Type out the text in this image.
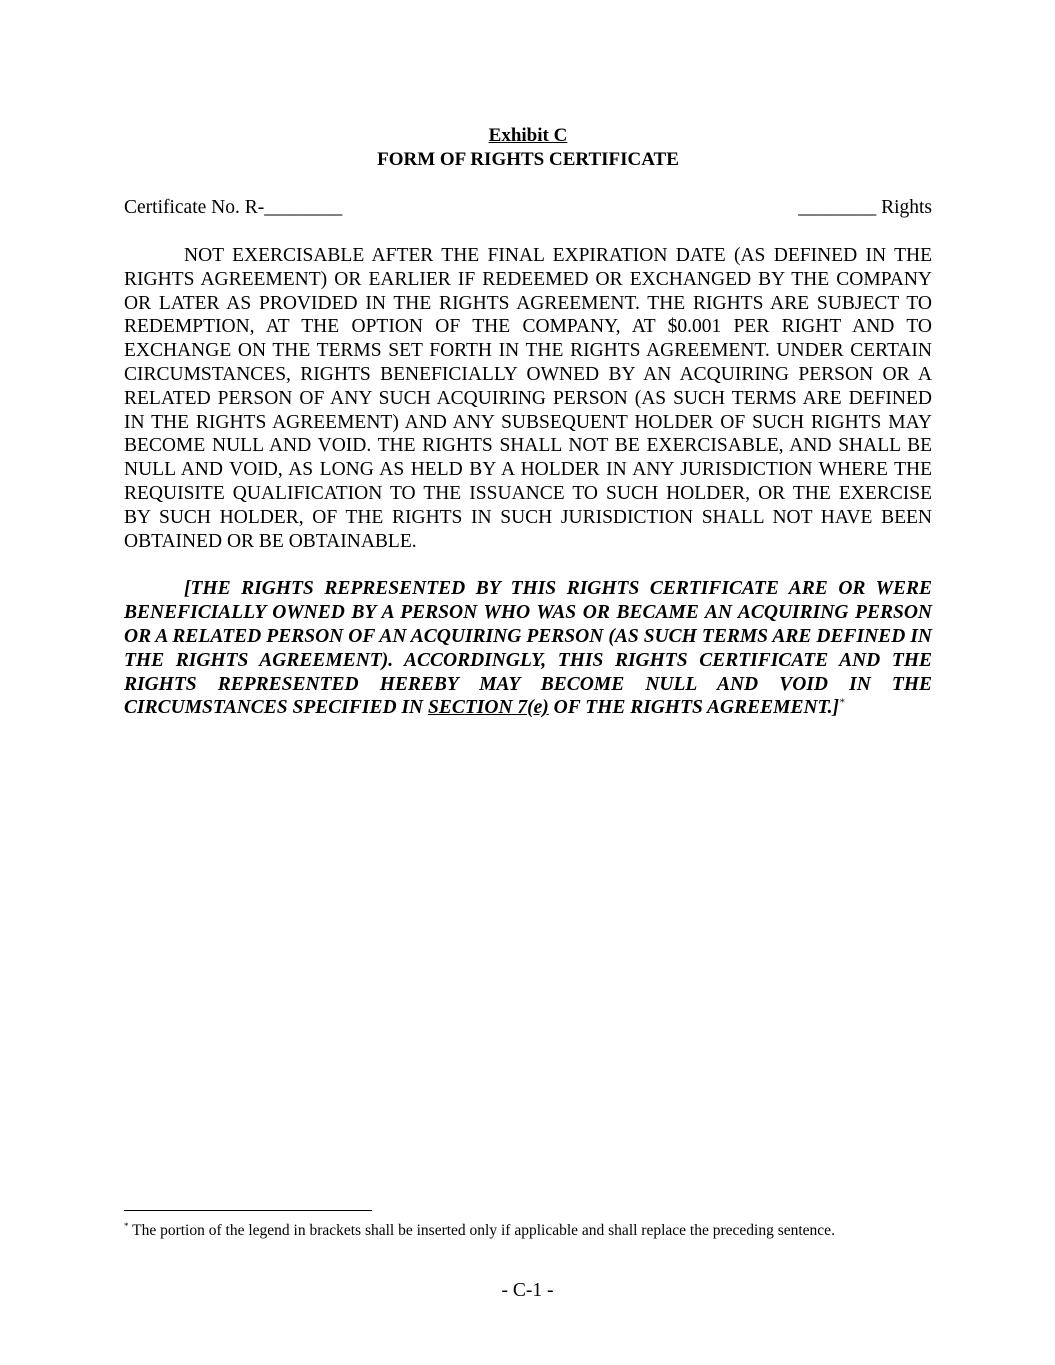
Exhibit C
FORM OF RIGHTS CERTIFICATE
Certificate No. R-________	________ Rights
NOT EXERCISABLE AFTER THE FINAL EXPIRATION DATE (AS DEFINED IN THE RIGHTS AGREEMENT) OR EARLIER IF REDEEMED OR EXCHANGED BY THE COMPANY OR LATER AS PROVIDED IN THE RIGHTS AGREEMENT. THE RIGHTS ARE SUBJECT TO REDEMPTION, AT THE OPTION OF THE COMPANY, AT $0.001 PER RIGHT AND TO EXCHANGE ON THE TERMS SET FORTH IN THE RIGHTS AGREEMENT. UNDER CERTAIN CIRCUMSTANCES, RIGHTS BENEFICIALLY OWNED BY AN ACQUIRING PERSON OR A RELATED PERSON OF ANY SUCH ACQUIRING PERSON (AS SUCH TERMS ARE DEFINED IN THE RIGHTS AGREEMENT) AND ANY SUBSEQUENT HOLDER OF SUCH RIGHTS MAY BECOME NULL AND VOID. THE RIGHTS SHALL NOT BE EXERCISABLE, AND SHALL BE NULL AND VOID, AS LONG AS HELD BY A HOLDER IN ANY JURISDICTION WHERE THE REQUISITE QUALIFICATION TO THE ISSUANCE TO SUCH HOLDER, OR THE EXERCISE BY SUCH HOLDER, OF THE RIGHTS IN SUCH JURISDICTION SHALL NOT HAVE BEEN OBTAINED OR BE OBTAINABLE.
[THE RIGHTS REPRESENTED BY THIS RIGHTS CERTIFICATE ARE OR WERE BENEFICIALLY OWNED BY A PERSON WHO WAS OR BECAME AN ACQUIRING PERSON OR A RELATED PERSON OF AN ACQUIRING PERSON (AS SUCH TERMS ARE DEFINED IN THE RIGHTS AGREEMENT). ACCORDINGLY, THIS RIGHTS CERTIFICATE AND THE RIGHTS REPRESENTED HEREBY MAY BECOME NULL AND VOID IN THE CIRCUMSTANCES SPECIFIED IN SECTION 7(e) OF THE RIGHTS AGREEMENT.]*
* The portion of the legend in brackets shall be inserted only if applicable and shall replace the preceding sentence.
- C-1 -
